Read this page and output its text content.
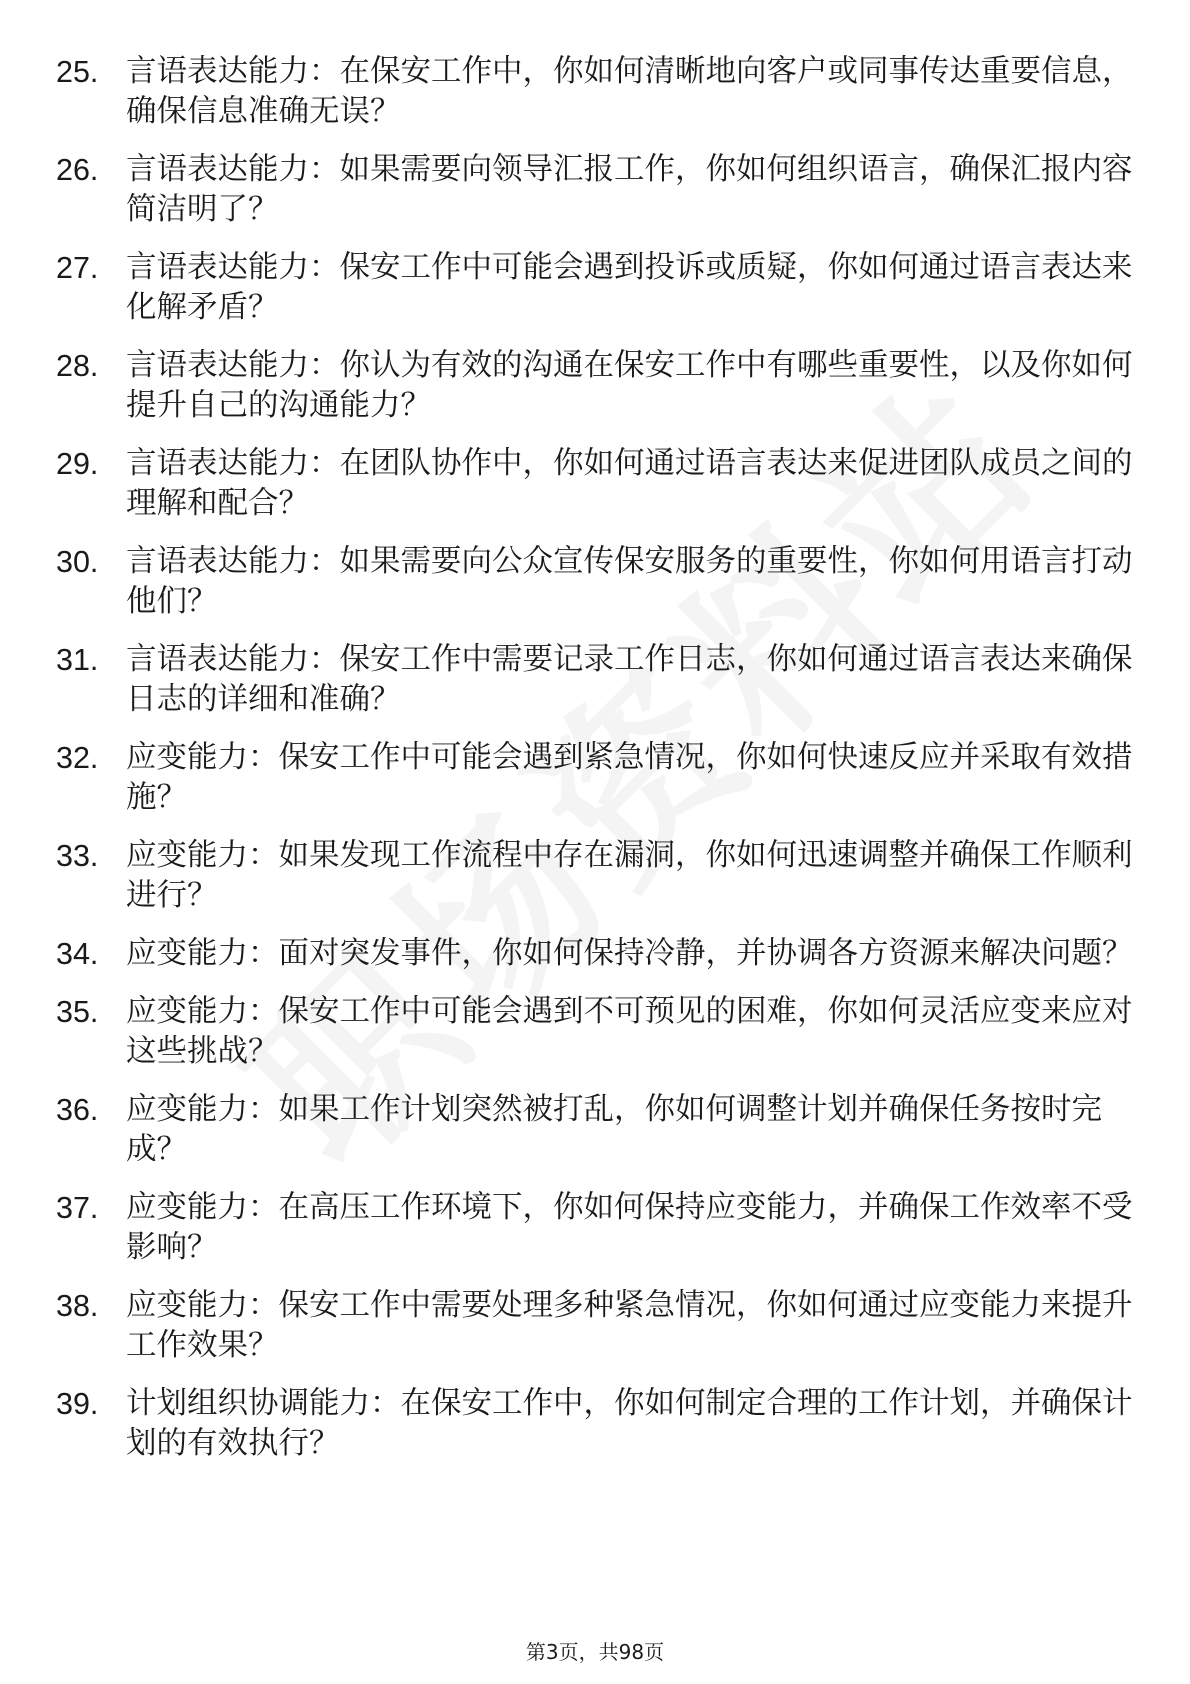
25. 言语表达能力：在保安工作中，你如何清晰地向客户或同事传达重要信息，确保信息准确无误？
26. 言语表达能力：如果需要向领导汇报工作，你如何组织语言，确保汇报内容简洁明了？
27. 言语表达能力：保安工作中可能会遇到投诉或质疑，你如何通过语言表达来化解矛盾？
28. 言语表达能力：你认为有效的沟通在保安工作中有哪些重要性，以及你如何提升自己的沟通能力？
29. 言语表达能力：在团队协作中，你如何通过语言表达来促进团队成员之间的理解和配合？
30. 言语表达能力：如果需要向公众宣传保安服务的重要性，你如何用语言打动他们？
31. 言语表达能力：保安工作中需要记录工作日志，你如何通过语言表达来确保日志的详细和准确？
32. 应变能力：保安工作中可能会遇到紧急情况，你如何快速反应并采取有效措施？
33. 应变能力：如果发现工作流程中存在漏洞，你如何迅速调整并确保工作顺利进行？
34. 应变能力：面对突发事件，你如何保持冷静，并协调各方资源来解决问题？
35. 应变能力：保安工作中可能会遇到不可预见的困难，你如何灵活应变来应对这些挑战？
36. 应变能力：如果工作计划突然被打乱，你如何调整计划并确保任务按时完成？
37. 应变能力：在高压工作环境下，你如何保持应变能力，并确保工作效率不受影响？
38. 应变能力：保安工作中需要处理多种紧急情况，你如何通过应变能力来提升工作效果？
39. 计划组织协调能力：在保安工作中，你如何制定合理的工作计划，并确保计划的有效执行？
第3页，共98页
